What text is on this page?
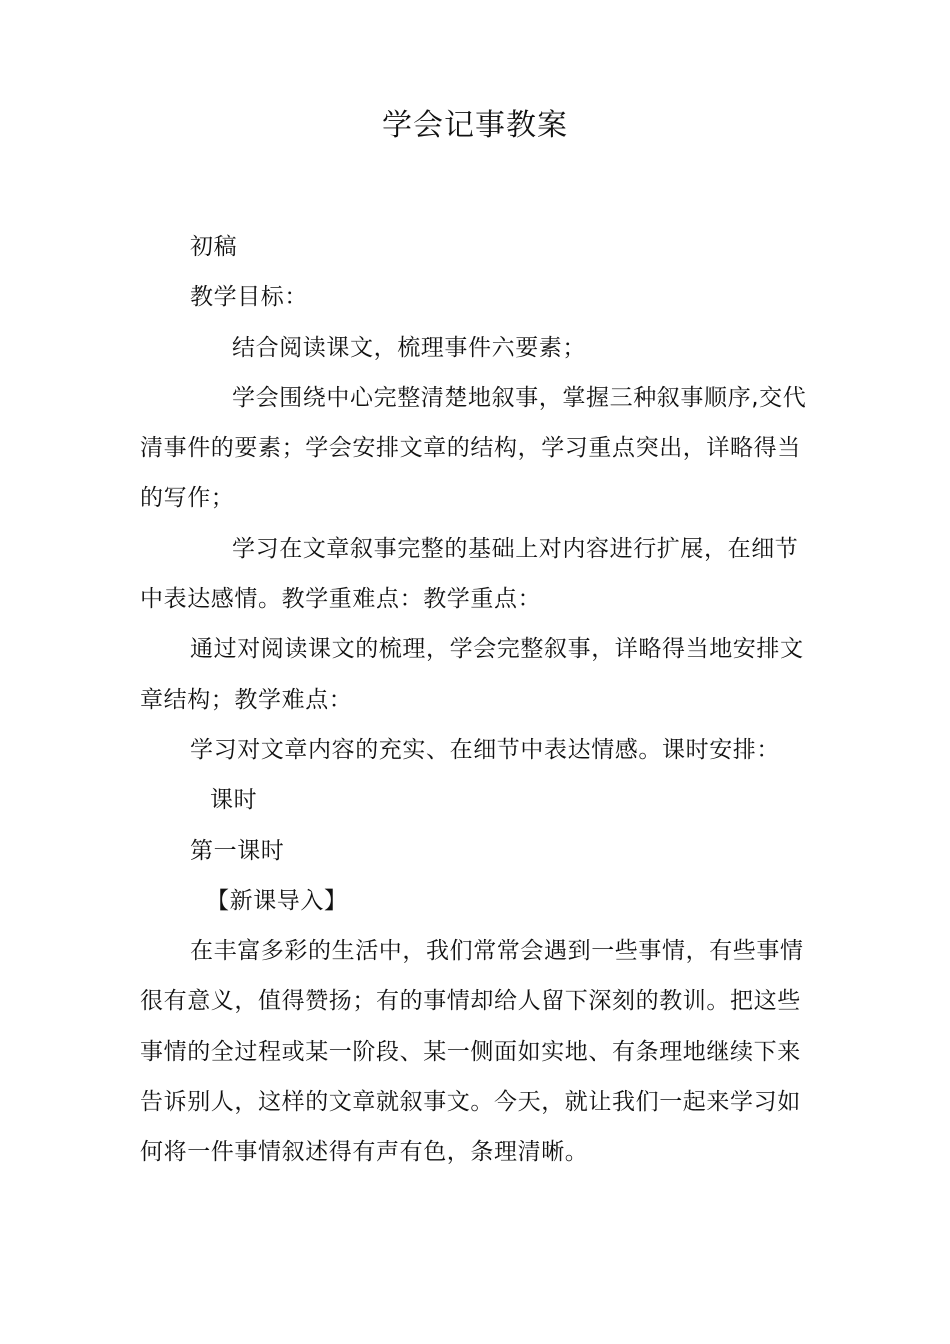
学会记事教案

初稿

教学目标：

结合阅读课文，梳理事件六要素；

学会围绕中心完整清楚地叙事，掌握三种叙事顺序,交代清事件的要素；学会安排文章的结构，学习重点突出，详略得当的写作；

学习在文章叙事完整的基础上对内容进行扩展，在细节中表达感情。教学重难点：教学重点：

通过对阅读课文的梳理，学会完整叙事，详略得当地安排文章结构；教学难点：

学习对文章内容的充实、在细节中表达情感。课时安排：

课时

第一课时

【新课导入】

在丰富多彩的生活中，我们常常会遇到一些事情，有些事情很有意义，值得赞扬；有的事情却给人留下深刻的教训。把这些事情的全过程或某一阶段、某一侧面如实地、有条理地继续下来告诉别人，这样的文章就叙事文。今天，就让我们一起来学习如何将一件事情叙述得有声有色，条理清晰。
